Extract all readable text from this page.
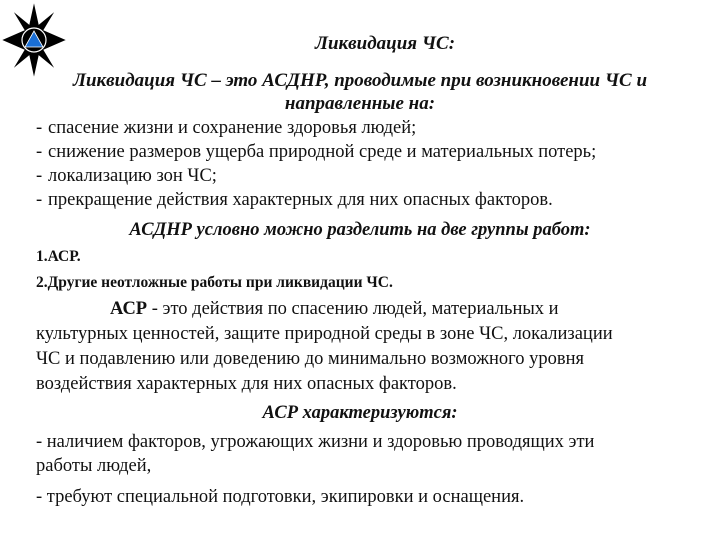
Ликвидация ЧС:
Ликвидация ЧС – это АСДНР, проводимые при возникновении ЧС и
направленные на:
- спасение жизни и сохранение здоровья людей;
- снижение размеров ущерба природной среде и материальных потерь;
- локализацию зон ЧС;
- прекращение действия характерных для них опасных факторов.
АСДНР условно можно разделить на две группы работ:
1.АСР.
2.Другие неотложные работы при ликвидации ЧС.
АСР - это действия по спасению людей, материальных и
культурных ценностей, защите природной среды в зоне ЧС, локализации
ЧС и подавлению или доведению до минимально возможного уровня
воздействия характерных для них опасных факторов.
АСР характеризуются:
- наличием факторов, угрожающих жизни и здоровью проводящих эти
работы людей,
- требуют специальной подготовки, экипировки и оснащения.
